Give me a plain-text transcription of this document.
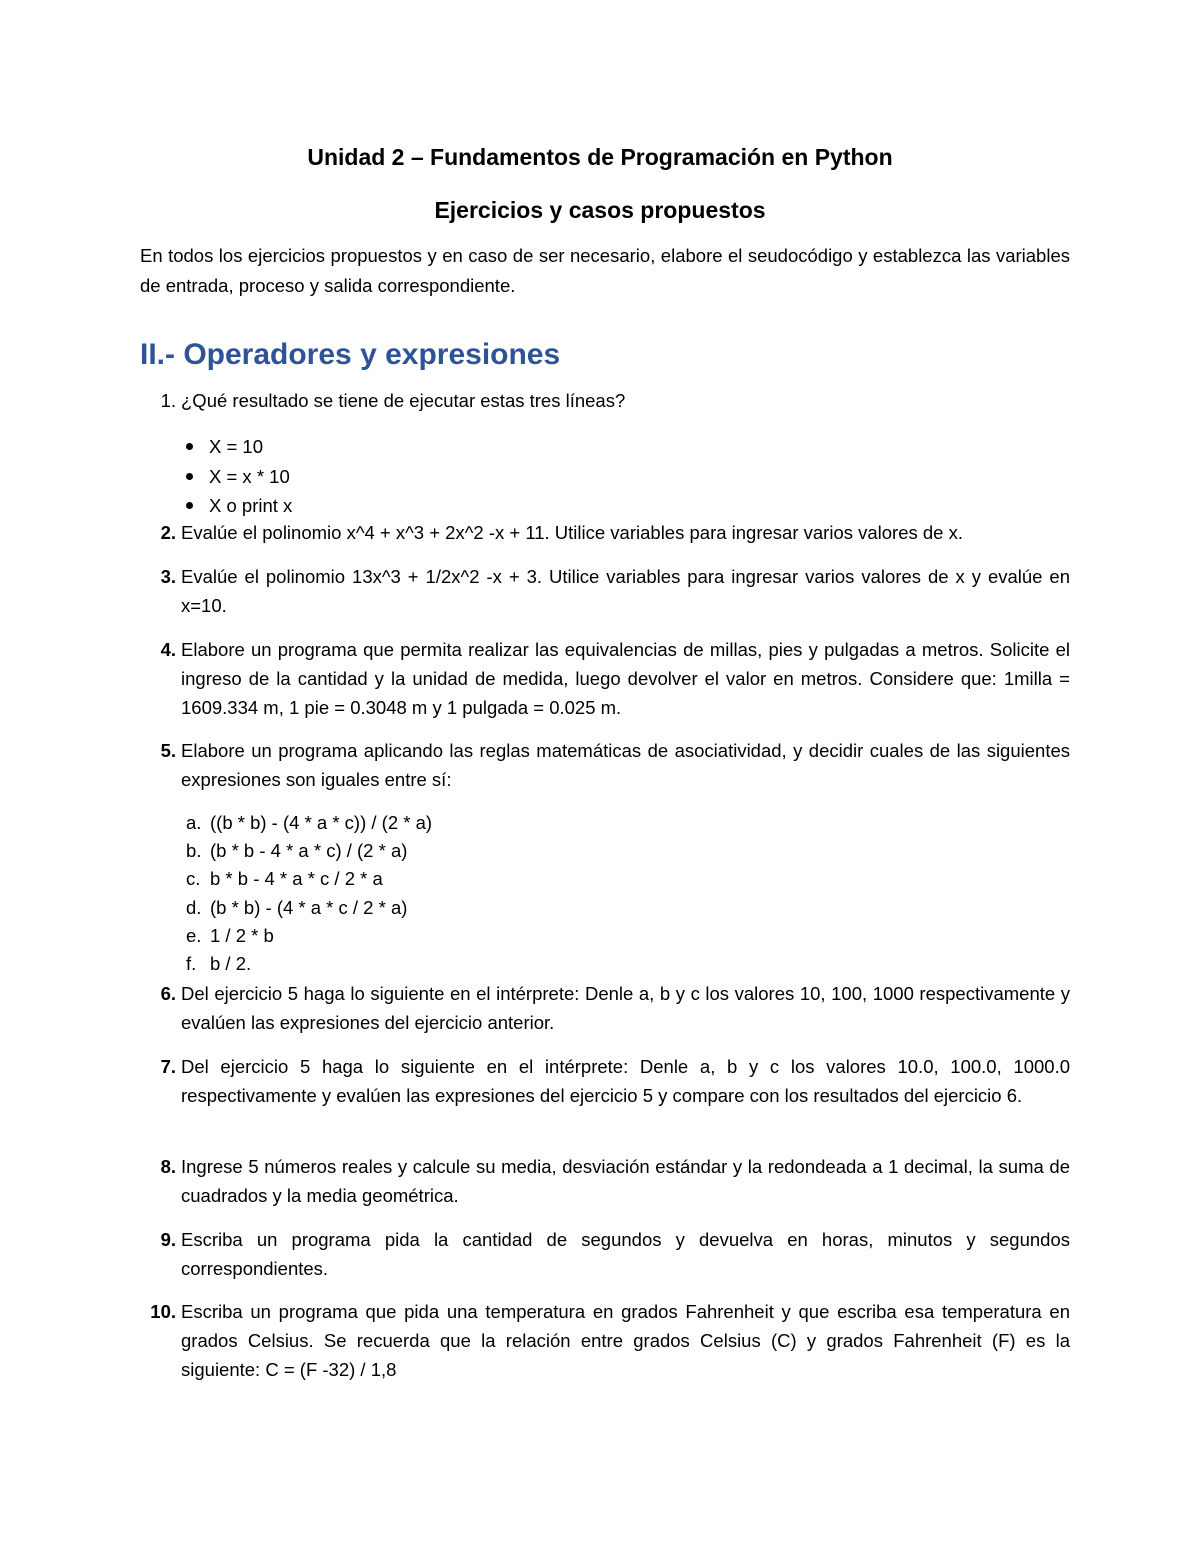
Unidad 2 – Fundamentos de Programación en Python
Ejercicios y casos propuestos

En todos los ejercicios propuestos y en caso de ser necesario, elabore el seudocódigo y establezca las variables de entrada, proceso y salida correspondiente.

II.- Operadores y expresiones
1. ¿Qué resultado se tiene de ejecutar estas tres líneas?

X = 10
X = x * 10
X o print x
2. Evalúe el polinomio x^4 + x^3 + 2x^2 -x + 11. Utilice variables para ingresar varios valores de x.

3. Evalúe el polinomio 13x^3 + 1/2x^2 -x + 3. Utilice variables para ingresar varios valores de x y evalúe en x=10.

4. Elabore un programa que permita realizar las equivalencias de millas, pies y pulgadas a metros. Solicite el ingreso de la cantidad y la unidad de medida, luego devolver el valor en metros. Considere que: 1milla = 1609.334 m, 1 pie = 0.3048 m y 1 pulgada = 0.025 m.

5. Elabore un programa aplicando las reglas matemáticas de asociatividad, y decidir cuales de las siguientes expresiones son iguales entre sí:

a. ((b * b) - (4 * a * c)) / (2 * a)
b. (b * b - 4 * a * c) / (2 * a)
c. b * b - 4 * a * c / 2 * a
d. (b * b) - (4 * a * c / 2 * a)
e. 1 / 2 * b
f. b / 2.
6. Del ejercicio 5 haga lo siguiente en el intérprete: Denle a, b y c los valores 10, 100, 1000 respectivamente y evalúen las expresiones del ejercicio anterior.

7. Del ejercicio 5 haga lo siguiente en el intérprete: Denle a, b y c los valores 10.0, 100.0, 1000.0 respectivamente y evalúen las expresiones del ejercicio 5 y compare con los resultados del ejercicio 6.

8. Ingrese 5 números reales y calcule su media, desviación estándar y la redondeada a 1 decimal, la suma de cuadrados y la media geométrica.

9. Escriba un programa pida la cantidad de segundos y devuelva en horas, minutos y segundos correspondientes.

10. Escriba un programa que pida una temperatura en grados Fahrenheit y que escriba esa temperatura en grados Celsius. Se recuerda que la relación entre grados Celsius (C) y grados Fahrenheit (F) es la siguiente: C = (F -32) / 1,8
